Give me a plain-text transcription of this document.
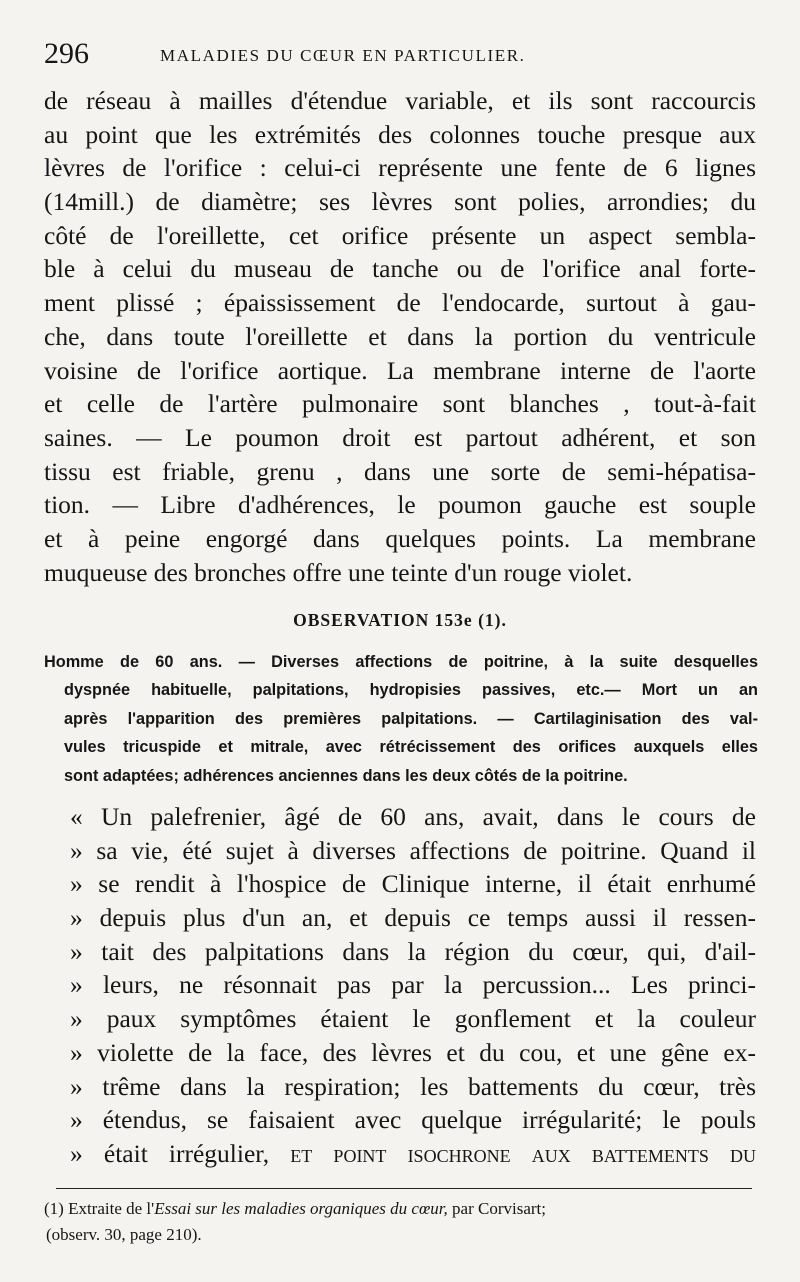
296	MALADIES DU CŒUR EN PARTICULIER.
de réseau à mailles d'étendue variable, et ils sont raccourcis
au point que les extrémités des colonnes touche presque aux
lèvres de l'orifice : celui-ci représente une fente de 6 lignes
(14mill.) de diamètre; ses lèvres sont polies, arrondies; du
côté de l'oreillette, cet orifice présente un aspect sembla-
ble à celui du museau de tanche ou de l'orifice anal forte-
ment plissé ; épaississement de l'endocarde, surtout à gau-
che, dans toute l'oreillette et dans la portion du ventricule
voisine de l'orifice aortique. La membrane interne de l'aorte
et celle de l'artère pulmonaire sont blanches , tout-à-fait
saines. — Le poumon droit est partout adhérent, et son
tissu est friable, grenu , dans une sorte de semi-hépatisa-
tion. — Libre d'adhérences, le poumon gauche est souple
et à peine engorgé dans quelques points. La membrane
muqueuse des bronches offre une teinte d'un rouge violet.
OBSERVATION 153e (1).
Homme de 60 ans. — Diverses affections de poitrine, à la suite desquelles
dyspnée habituelle, palpitations, hydropisies passives, etc.— Mort un an
après l'apparition des premières palpitations. — Cartilaginisation des val-
vules tricuspide et mitrale, avec rétrécissement des orifices auxquels elles
sont adaptées; adhérences anciennes dans les deux côtés de la poitrine.
« Un palefrenier, âgé de 60 ans, avait, dans le cours de
» sa vie, été sujet à diverses affections de poitrine. Quand il
» se rendit à l'hospice de Clinique interne, il était enrhumé
» depuis plus d'un an, et depuis ce temps aussi il ressen-
» tait des palpitations dans la région du cœur, qui, d'ail-
» leurs, ne résonnait pas par la percussion... Les princi-
» paux symptômes étaient le gonflement et la couleur
» violette de la face, des lèvres et du cou, et une gêne ex-
» trême dans la respiration; les battements du cœur, très
» étendus, se faisaient avec quelque irrégularité; le pouls
» était irrégulier, et point isochrone aux battements du
(1) Extraite de l'Essai sur les maladies organiques du cœur, par Corvisart;
(observ. 30, page 210).
